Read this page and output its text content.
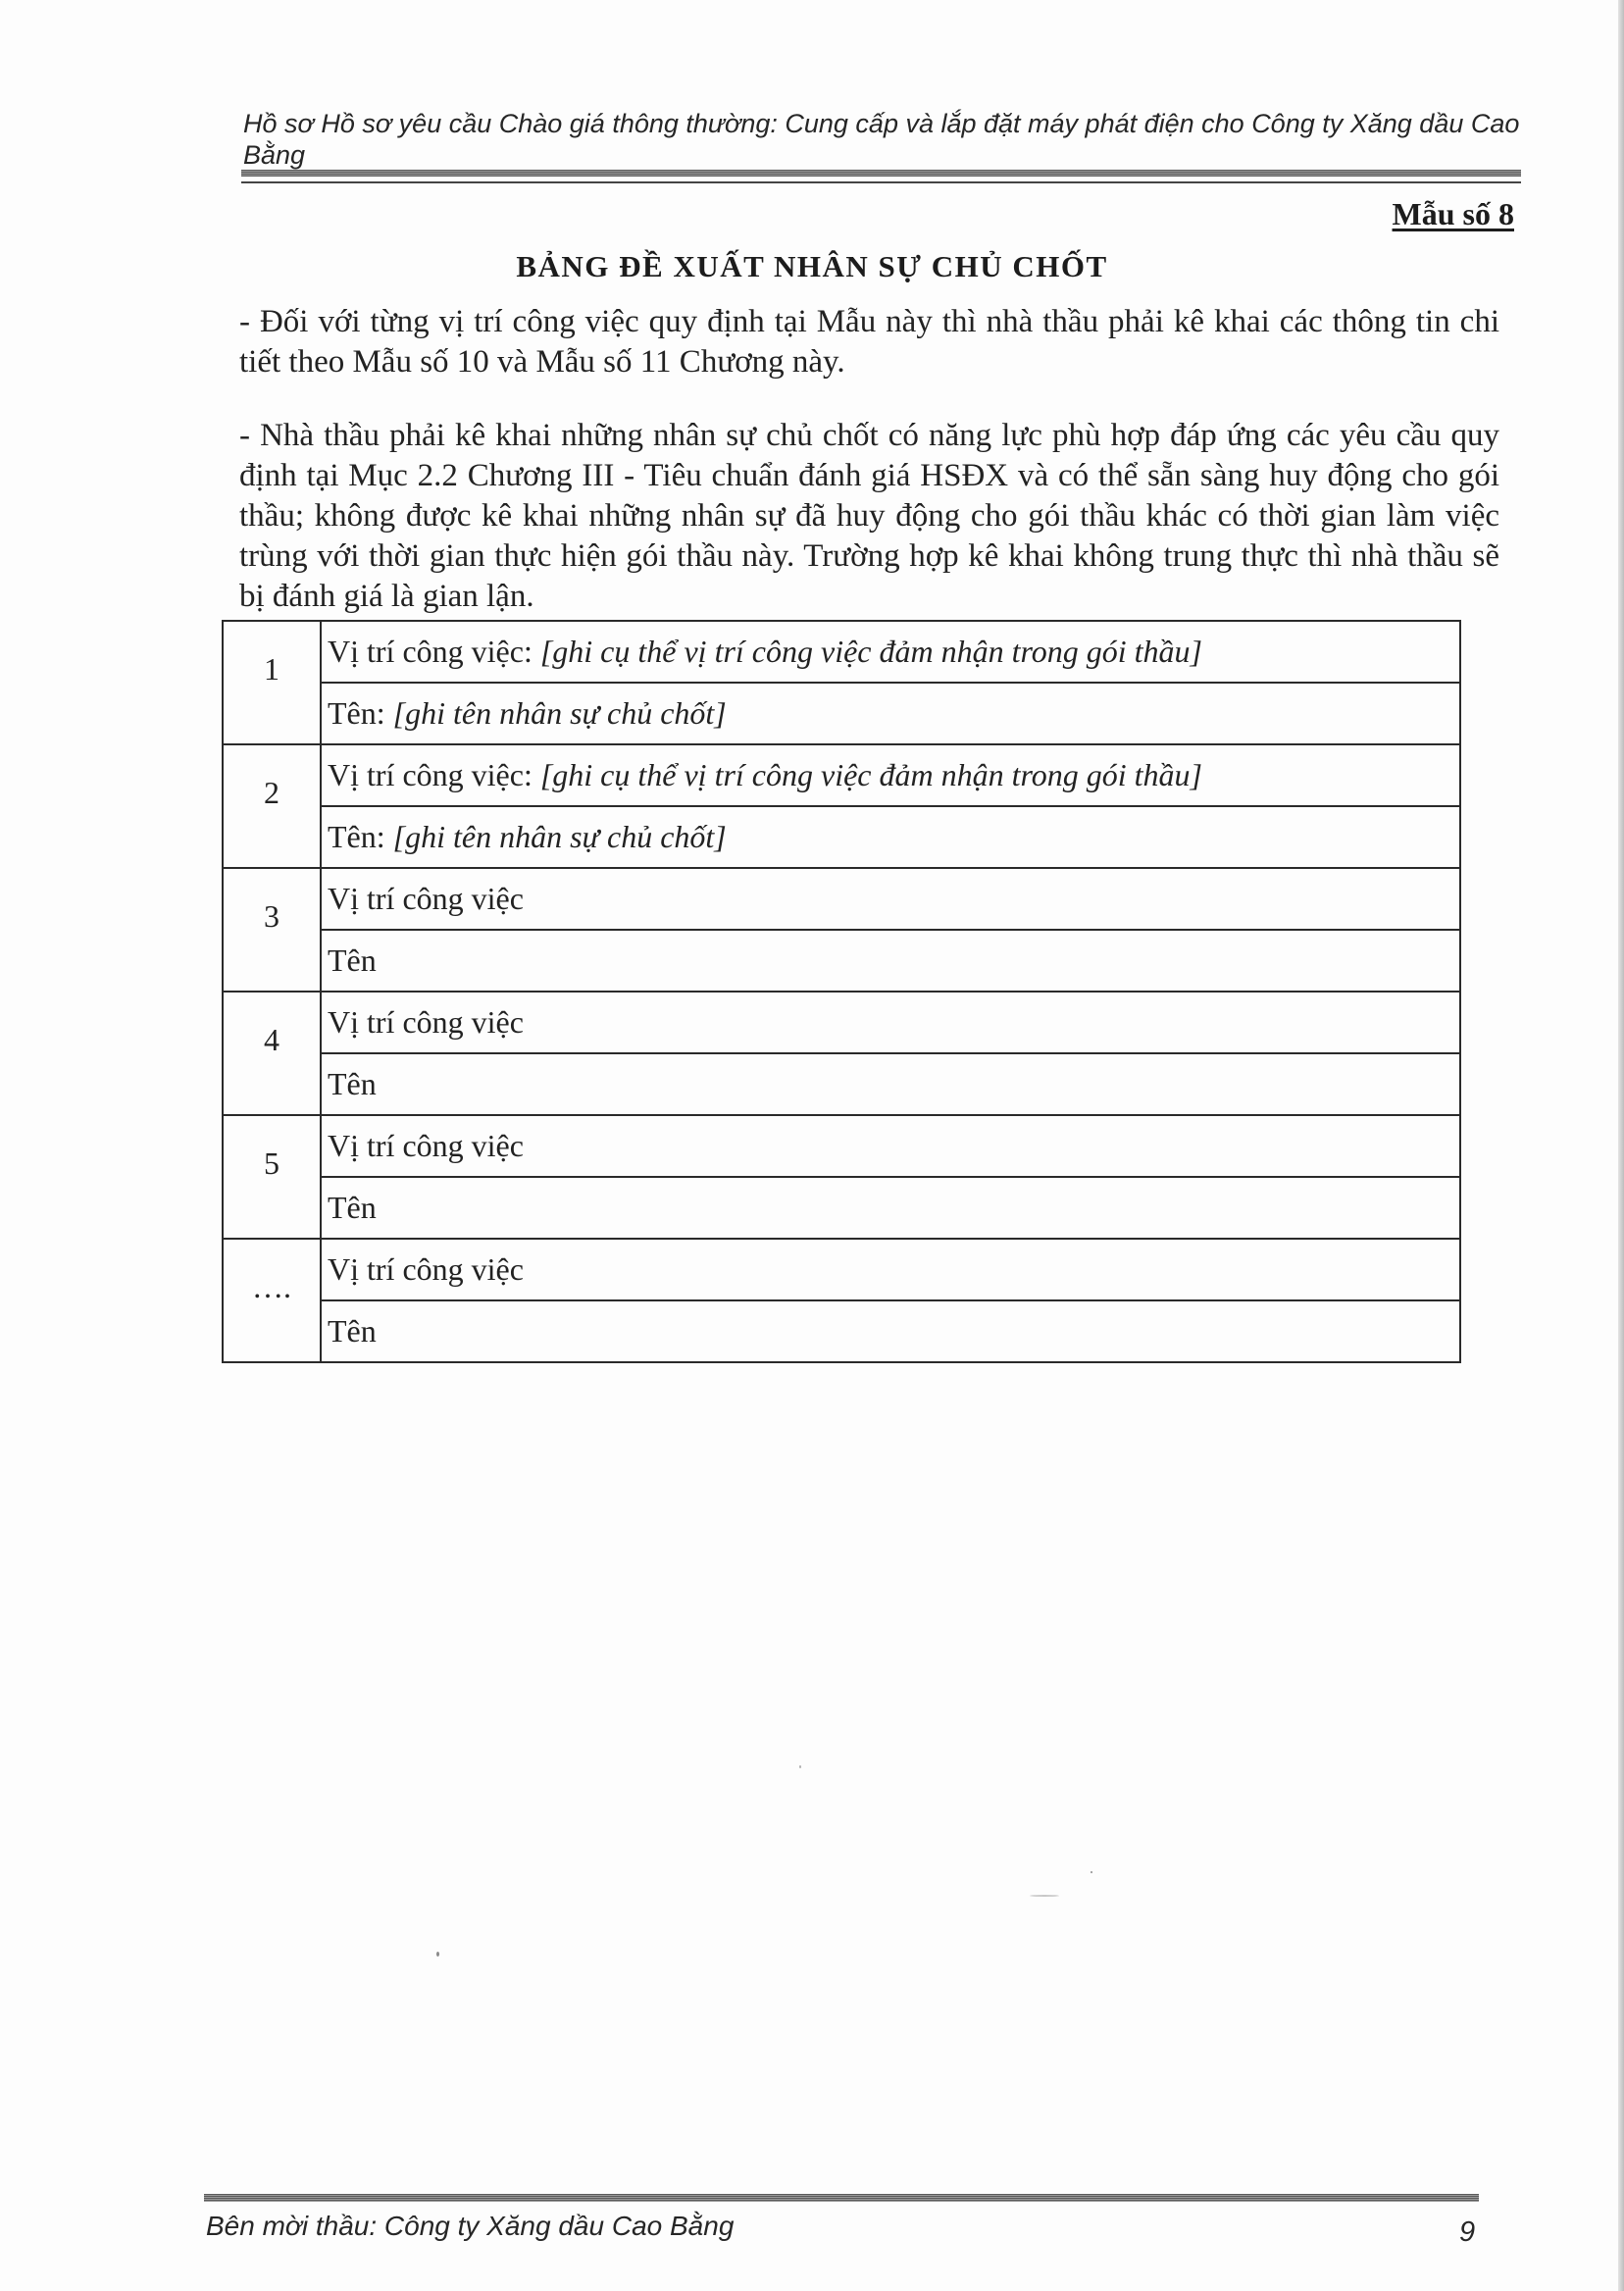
Hồ sơ Hồ sơ yêu cầu Chào giá thông thường: Cung cấp và lắp đặt máy phát điện cho Công ty Xăng dầu Cao Bằng
Mẫu số 8
BẢNG ĐỀ XUẤT NHÂN SỰ CHỦ CHỐT
- Đối với từng vị trí công việc quy định tại Mẫu này thì nhà thầu phải kê khai các thông tin chi tiết theo Mẫu số 10 và Mẫu số 11 Chương này.
- Nhà thầu phải kê khai những nhân sự chủ chốt có năng lực phù hợp đáp ứng các yêu cầu quy định tại Mục 2.2 Chương III - Tiêu chuẩn đánh giá HSĐX và có thể sẵn sàng huy động cho gói thầu; không được kê khai những nhân sự đã huy động cho gói thầu khác có thời gian làm việc trùng với thời gian thực hiện gói thầu này. Trường hợp kê khai không trung thực thì nhà thầu sẽ bị đánh giá là gian lận.
1	Vị trí công việc: [ghi cụ thể vị trí công việc đảm nhận trong gói thầu]
	Tên: [ghi tên nhân sự chủ chốt]
2	Vị trí công việc: [ghi cụ thể vị trí công việc đảm nhận trong gói thầu]
	Tên: [ghi tên nhân sự chủ chốt]
3	Vị trí công việc
	Tên
4	Vị trí công việc
	Tên
5	Vị trí công việc
	Tên
….	Vị trí công việc
	Tên
Bên mời thầu: Công ty Xăng dầu Cao Bằng	9
